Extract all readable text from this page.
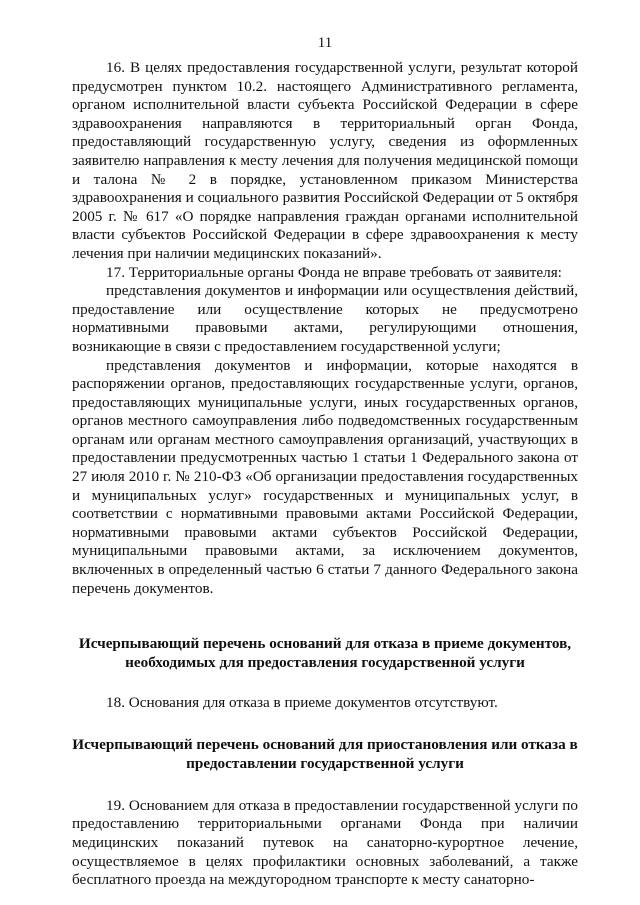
11

16. В целях предоставления государственной услуги, результат которой предусмотрен пунктом 10.2. настоящего Административного регламента, органом исполнительной власти субъекта Российской Федерации в сфере здравоохранения направляются в территориальный орган Фонда, предоставляющий государственную услугу, сведения из оформленных заявителю направления к месту лечения для получения медицинской помощи и талона № 2 в порядке, установленном приказом Министерства здравоохранения и социального развития Российской Федерации от 5 октября 2005 г. № 617 «О порядке направления граждан органами исполнительной власти субъектов Российской Федерации в сфере здравоохранения к месту лечения при наличии медицинских показаний».

17. Территориальные органы Фонда не вправе требовать от заявителя:

представления документов и информации или осуществления действий, предоставление или осуществление которых не предусмотрено нормативными правовыми актами, регулирующими отношения, возникающие в связи с предоставлением государственной услуги;

представления документов и информации, которые находятся в распоряжении органов, предоставляющих государственные услуги, органов, предоставляющих муниципальные услуги, иных государственных органов, органов местного самоуправления либо подведомственных государственным органам или органам местного самоуправления организаций, участвующих в предоставлении предусмотренных частью 1 статьи 1 Федерального закона от 27 июля 2010 г. № 210-ФЗ «Об организации предоставления государственных и муниципальных услуг» государственных и муниципальных услуг, в соответствии с нормативными правовыми актами Российской Федерации, нормативными правовыми актами субъектов Российской Федерации, муниципальными правовыми актами, за исключением документов, включенных в определенный частью 6 статьи 7 данного Федерального закона перечень документов.

Исчерпывающий перечень оснований для отказа в приеме документов, необходимых для предоставления государственной услуги

18. Основания для отказа в приеме документов отсутствуют.

Исчерпывающий перечень оснований для приостановления или отказа в предоставлении государственной услуги

19. Основанием для отказа в предоставлении государственной услуги по предоставлению территориальными органами Фонда при наличии медицинских показаний путевок на санаторно-курортное лечение, осуществляемое в целях профилактики основных заболеваний, а также бесплатного проезда на междугородном транспорте к месту санаторно-
